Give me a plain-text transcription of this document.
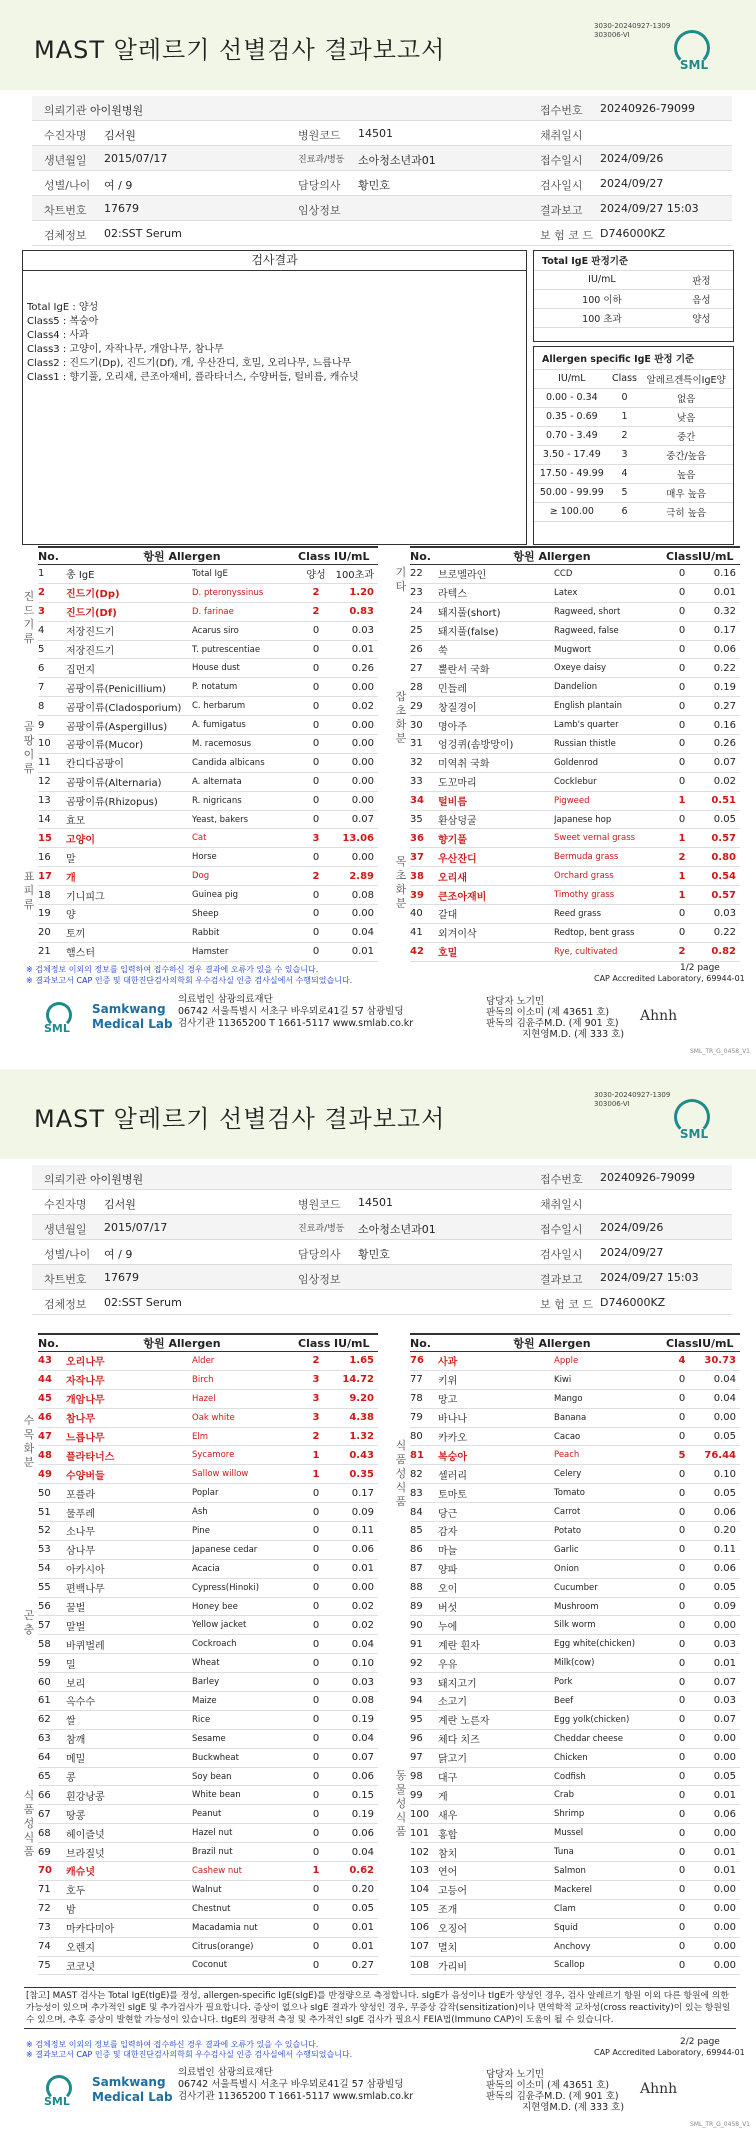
MAST 알레르기 선별검사 결과보고서
3030-20240927-1309
303006-VI
SML
의뢰기관 아이원병원	접수번호 20240926-79099
수진자명 김서원	병원코드 14501	채취일시
생년월일 2015/07/17	진료과/병동 소아청소년과01	접수일시 2024/09/26
성별/나이 여 / 9	담당의사 황민호	검사일시 2024/09/27
차트번호 17679	임상정보	결과보고 2024/09/27 15:03
검체정보 02:SST Serum	보 험 코 드 D746000KZ
검사결과
Total IgE : 양성
Class5 : 복숭아
Class4 : 사과
Class3 : 고양이, 자작나무, 개암나무, 참나무
Class2 : 진드기(Dp), 진드기(Df), 개, 우산잔디, 호밀, 오리나무, 느릅나무
Class1 : 향기풀, 오리새, 큰조아재비, 플라타너스, 수양버들, 털비름, 캐슈넛
Total IgE 판정기준	
IU/mL	판정
100 이하	음성
100 초과	양성
Allergen specific IgE 판정 기준		
IU/mL	Class	알레르겐특이IgE양
0.00 - 0.34	0	없음
0.35 - 0.69	1	낮음
0.70 - 3.49	2	중간
3.50 - 17.49	3	중간/높음
17.50 - 49.99	4	높음
50.00 - 99.99	5	매우 높음
≥ 100.00	6	극히 높음
No.	항원 Allergen		Class	IU/mL
1	총 IgE	Total IgE	양성	100초과
2	진드기(Dp)	D. pteronyssinus	2	1.20
3	진드기(Df)	D. farinae	2	0.83
4	저장진드기	Acarus siro	0	0.03
5	저장진드기	T. putrescentiae	0	0.01
6	집먼지	House dust	0	0.26
7	곰팡이류(Penicillium)	P. notatum	0	0.00
8	곰팡이류(Cladosporium)	C. herbarum	0	0.02
9	곰팡이류(Aspergillus)	A. fumigatus	0	0.00
10	곰팡이류(Mucor)	M. racemosus	0	0.00
11	칸디다곰팡이	Candida albicans	0	0.00
12	곰팡이류(Alternaria)	A. alternata	0	0.00
13	곰팡이류(Rhizopus)	R. nigricans	0	0.00
14	효모	Yeast, bakers	0	0.07
15	고양이	Cat	3	13.06
16	말	Horse	0	0.00
17	개	Dog	2	2.89
18	기니피그	Guinea pig	0	0.08
19	양	Sheep	0	0.00
20	토끼	Rabbit	0	0.04
21	햄스터	Hamster	0	0.01
No.	항원 Allergen		Class	IU/mL
22	브로멜라인	CCD	0	0.16
23	라텍스	Latex	0	0.01
24	돼지풀(short)	Ragweed, short	0	0.32
25	돼지풀(false)	Ragweed, false	0	0.17
26	쑥	Mugwort	0	0.06
27	뿔란서 국화	Oxeye daisy	0	0.22
28	민들레	Dandelion	0	0.19
29	창질경이	English plantain	0	0.27
30	명아주	Lamb's quarter	0	0.16
31	엉겅퀴(솜방망이)	Russian thistle	0	0.26
32	미역취 국화	Goldenrod	0	0.07
33	도꼬마리	Cocklebur	0	0.02
34	털비름	Pigweed	1	0.51
35	환삼덩굴	Japanese hop	0	0.05
36	향기풀	Sweet vernal grass	1	0.57
37	우산잔디	Bermuda grass	2	0.80
38	오리새	Orchard grass	1	0.54
39	큰조아재비	Timothy grass	1	0.57
40	갈대	Reed grass	0	0.03
41	외겨이삭	Redtop, bent grass	0	0.22
42	호밀	Rye, cultivated	2	0.82
진드기류
곰팡이류
표피류
기타
잡초화분
목초화분
※ 검체정보 이외의 정보를 입력하여 접수하신 경우 결과에 오류가 있을 수 있습니다.
※ 결과보고서 CAP 인증 및 대한진단검사의학회 우수검사실 인증 검사실에서 수행되었습니다.
1/2 page
CAP Accredited Laboratory, 69944-01
SML
Samkwang
Medical Lab
의료법인 삼광의료재단
06742 서울특별시 서초구 바우뫼로41길 57 삼광빌딩
검사기관 11365200 T 1661-5117 www.smlab.co.kr
담당자 노기민
판독의 이소미 (제 43651 호)
판독의 김윤주M.D. (제 901 호)
지현영M.D. (제 333 호)
Ahnh
SML_TR_G_0458_V1
MAST 알레르기 선별검사 결과보고서
3030-20240927-1309
303006-VI
SML
의뢰기관 아이원병원	접수번호 20240926-79099
수진자명 김서원	병원코드 14501	채취일시
생년월일 2015/07/17	진료과/병동 소아청소년과01	접수일시 2024/09/26
성별/나이 여 / 9	담당의사 황민호	검사일시 2024/09/27
차트번호 17679	임상정보	결과보고 2024/09/27 15:03
검체정보 02:SST Serum	보 험 코 드 D746000KZ
No.	항원 Allergen		Class	IU/mL
43	오리나무	Alder	2	1.65
44	자작나무	Birch	3	14.72
45	개암나무	Hazel	3	9.20
46	참나무	Oak white	3	4.38
47	느릅나무	Elm	2	1.32
48	플라타너스	Sycamore	1	0.43
49	수양버들	Sallow willow	1	0.35
50	포플라	Poplar	0	0.17
51	물푸레	Ash	0	0.09
52	소나무	Pine	0	0.11
53	삼나무	Japanese cedar	0	0.06
54	아카시아	Acacia	0	0.01
55	편백나무	Cypress(Hinoki)	0	0.00
56	꿀벌	Honey bee	0	0.02
57	말벌	Yellow jacket	0	0.02
58	바퀴벌레	Cockroach	0	0.04
59	밀	Wheat	0	0.10
60	보리	Barley	0	0.03
61	옥수수	Maize	0	0.08
62	쌀	Rice	0	0.19
63	참깨	Sesame	0	0.04
64	메밀	Buckwheat	0	0.07
65	콩	Soy bean	0	0.06
66	흰강낭콩	White bean	0	0.15
67	땅콩	Peanut	0	0.19
68	헤이즐넛	Hazel nut	0	0.06
69	브라질넛	Brazil nut	0	0.04
70	캐슈넛	Cashew nut	1	0.62
71	호두	Walnut	0	0.20
72	밤	Chestnut	0	0.05
73	마카다미아	Macadamia nut	0	0.01
74	오렌지	Citrus(orange)	0	0.01
75	코코넛	Coconut	0	0.27
No.	항원 Allergen		Class	IU/mL
76	사과	Apple	4	30.73
77	키위	Kiwi	0	0.04
78	망고	Mango	0	0.04
79	바나나	Banana	0	0.00
80	카카오	Cacao	0	0.05
81	복숭아	Peach	5	76.44
82	셀러리	Celery	0	0.10
83	토마토	Tomato	0	0.05
84	당근	Carrot	0	0.06
85	감자	Potato	0	0.20
86	마늘	Garlic	0	0.11
87	양파	Onion	0	0.06
88	오이	Cucumber	0	0.05
89	버섯	Mushroom	0	0.09
90	누에	Silk worm	0	0.00
91	계란 흰자	Egg white(chicken)	0	0.03
92	우유	Milk(cow)	0	0.01
93	돼지고기	Pork	0	0.07
94	소고기	Beef	0	0.03
95	계란 노른자	Egg yolk(chicken)	0	0.07
96	체다 치즈	Cheddar cheese	0	0.00
97	닭고기	Chicken	0	0.00
98	대구	Codfish	0	0.05
99	게	Crab	0	0.01
100	새우	Shrimp	0	0.06
101	홍합	Mussel	0	0.00
102	참치	Tuna	0	0.01
103	연어	Salmon	0	0.01
104	고등어	Mackerel	0	0.00
105	조개	Clam	0	0.00
106	오징어	Squid	0	0.00
107	멸치	Anchovy	0	0.00
108	가리비	Scallop	0	0.00
수목화분
곤충
식품성식품
식품성식품
동물성식품
[참고] MAST 검사는 Total IgE(tIgE)를 정성, allergen-specific IgE(sIgE)를 반정량으로 측정합니다. sIgE가 음성이나 tIgE가 양성인 경우, 검사 알레르기 항원 이외 다른 항원에 의한 가능성이 있으며 추가적인 sIgE 및 추가검사가 필요합니다. 증상이 없으나 sIgE 결과가 양성인 경우, 무증상 감작(sensitization)이나 면역학적 교차성(cross reactivity)이 있는 항원일 수 있으며, 추후 증상이 발현할 가능성이 있습니다. tIgE의 정량적 측정 및 추가적인 sIgE 검사가 필요시 FEIA법(Immuno CAP)이 도움이 될 수 있습니다.
※ 검체정보 이외의 정보를 입력하여 접수하신 경우 결과에 오류가 있을 수 있습니다.
※ 결과보고서 CAP 인증 및 대한진단검사의학회 우수검사실 인증 검사실에서 수행되었습니다.
2/2 page
CAP Accredited Laboratory, 69944-01
SML
Samkwang
Medical Lab
의료법인 삼광의료재단
06742 서울특별시 서초구 바우뫼로41길 57 삼광빌딩
검사기관 11365200 T 1661-5117 www.smlab.co.kr
담당자 노기민
판독의 이소미 (제 43651 호)
판독의 김윤주M.D. (제 901 호)
지현영M.D. (제 333 호)
Ahnh
SML_TR_G_0458_V1
